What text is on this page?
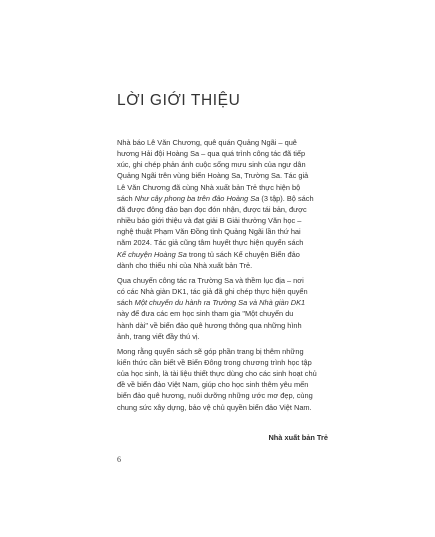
LỜI GIỚI THIỆU

Nhà báo Lê Văn Chương, quê quán Quảng Ngãi – quê
hương Hải đội Hoàng Sa – qua quá trình công tác đã tiếp
xúc, ghi chép phản ánh cuộc sống mưu sinh của ngư dân
Quảng Ngãi trên vùng biển Hoàng Sa, Trường Sa. Tác giả
Lê Văn Chương đã cùng Nhà xuất bản Trẻ thực hiện bộ
sách Như cây phong ba trên đảo Hoàng Sa (3 tập). Bộ sách
đã được đông đảo bạn đọc đón nhận, được tái bản, được
nhiều báo giới thiệu và đạt giải B Giải thưởng Văn học –
nghệ thuật Phạm Văn Đồng tỉnh Quảng Ngãi lần thứ hai
năm 2024. Tác giả cũng tâm huyết thực hiện quyển sách
Kể chuyện Hoàng Sa trong tủ sách Kể chuyện Biển đảo
dành cho thiếu nhi của Nhà xuất bản Trẻ.

Qua chuyến công tác ra Trường Sa và thềm lục địa – nơi
có các Nhà giàn DK1, tác giả đã ghi chép thực hiện quyển
sách Một chuyến du hành ra Trường Sa và Nhà giàn DK1
này để đưa các em học sinh tham gia "Một chuyến du
hành dài" về biển đảo quê hương thông qua những hình
ảnh, trang viết đầy thú vị.

Mong rằng quyển sách sẽ góp phần trang bị thêm những
kiến thức cần biết về Biển Đông trong chương trình học tập
của học sinh, là tài liệu thiết thực dùng cho các sinh hoạt chủ
đề về biển đảo Việt Nam, giúp cho học sinh thêm yêu mến
biển đảo quê hương, nuôi dưỡng những ước mơ đẹp, cùng
chung sức xây dựng, bảo vệ chủ quyền biển đảo Việt Nam.

Nhà xuất bản Trẻ
6
